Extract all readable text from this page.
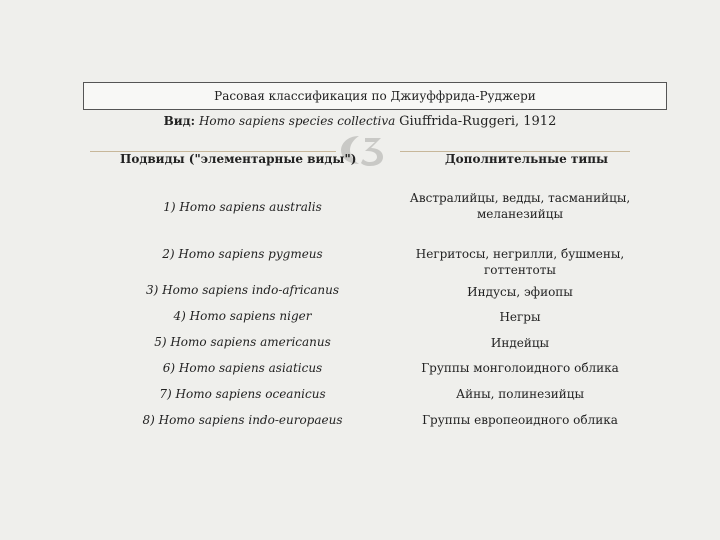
Расовая классификация по Джиуффрида-Руджери
Вид: Homo sapiens species collectiva Giuffrida-Ruggeri, 1912
Подвиды ("элементарные виды")	Дополнительные типы
1) Homo sapiens australis
Австралийцы, ведды, тасманийцы, меланезийцы
2) Homo sapiens pygmeus	Негритосы, негрилли, бушмены, готтентоты
3) Homo sapiens indo-africanus	Индусы, эфиопы
4) Homo sapiens niger	Негры
5) Homo sapiens americanus	Индейцы
6) Homo sapiens asiaticus	Группы монголоидного облика
7) Homo sapiens oceanicus	Айны, полинезийцы
8) Homo sapiens indo-europaeus	Группы европеоидного облика
